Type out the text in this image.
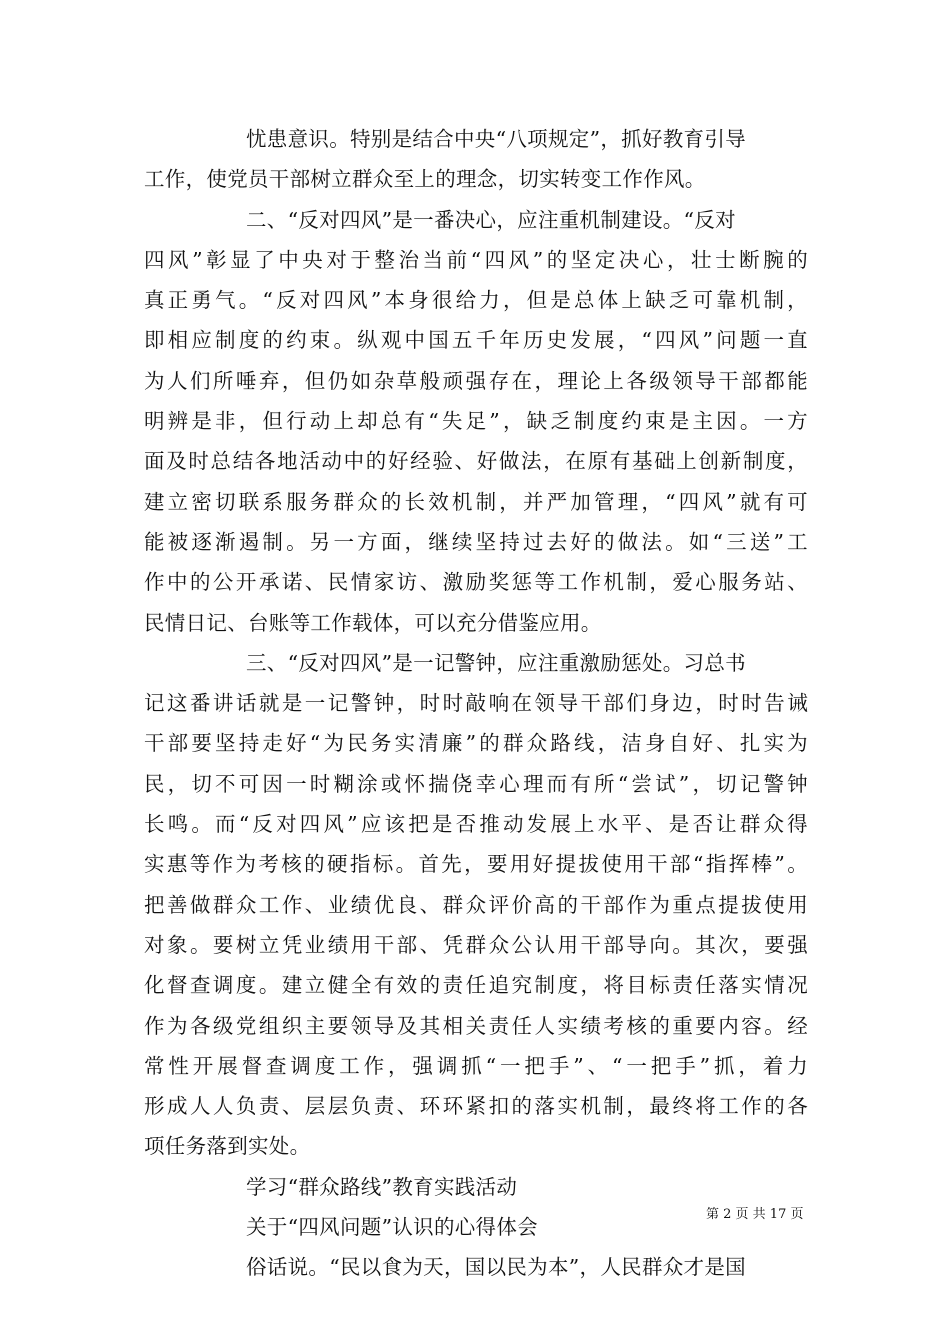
忧患意识。特别是结合中央“八项规定”，抓好教育引导
工作，使党员干部树立群众至上的理念，切实转变工作作风。
二、“反对四风”是一番决心，应注重机制建设。“反对
四风”彰显了中央对于整治当前“四风”的坚定决心，壮士断腕的
真正勇气。“反对四风”本身很给力，但是总体上缺乏可靠机制，
即相应制度的约束。纵观中国五千年历史发展，“四风”问题一直
为人们所唾弃，但仍如杂草般顽强存在，理论上各级领导干部都能
明辨是非，但行动上却总有“失足”，缺乏制度约束是主因。一方
面及时总结各地活动中的好经验、好做法，在原有基础上创新制度，
建立密切联系服务群众的长效机制，并严加管理，“四风”就有可
能被逐渐遏制。另一方面，继续坚持过去好的做法。如“三送”工
作中的公开承诺、民情家访、激励奖惩等工作机制，爱心服务站、
民情日记、台账等工作载体，可以充分借鉴应用。
三、“反对四风”是一记警钟，应注重激励惩处。习总书
记这番讲话就是一记警钟，时时敲响在领导干部们身边，时时告诫
干部要坚持走好“为民务实清廉”的群众路线，洁身自好、扎实为
民，切不可因一时糊涂或怀揣侥幸心理而有所“尝试”，切记警钟
长鸣。而“反对四风”应该把是否推动发展上水平、是否让群众得
实惠等作为考核的硬指标。首先，要用好提拔使用干部“指挥棒”。
把善做群众工作、业绩优良、群众评价高的干部作为重点提拔使用
对象。要树立凭业绩用干部、凭群众公认用干部导向。其次，要强
化督查调度。建立健全有效的责任追究制度，将目标责任落实情况
作为各级党组织主要领导及其相关责任人实绩考核的重要内容。经
常性开展督查调度工作，强调抓“一把手”、“一把手”抓，着力
形成人人负责、层层负责、环环紧扣的落实机制，最终将工作的各
项任务落到实处。
学习“群众路线”教育实践活动
关于“四风问题”认识的心得体会
俗话说。“民以食为天，国以民为本”，人民群众才是国
第 2 页 共 17 页
